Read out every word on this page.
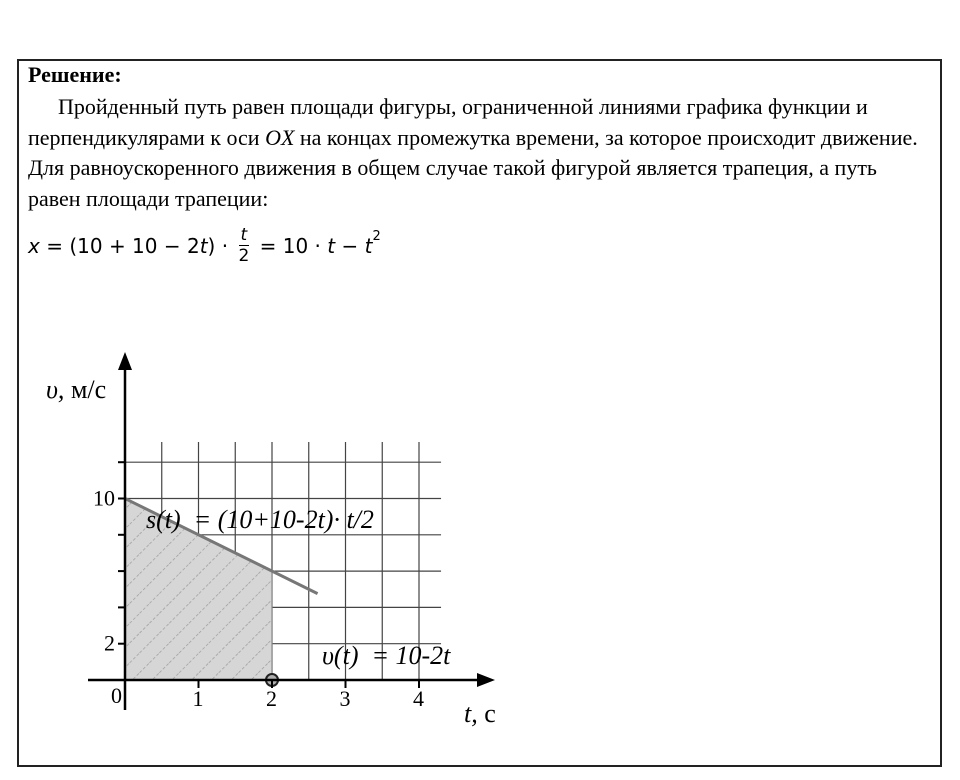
Решение:

Пройденный путь равен площади фигуры, ограниченной линиями графика функции и перпендикулярами к оси OX на концах промежутка времени, за которое происходит движение. Для равноускоренного движения в общем случае такой фигурой является трапеция, а путь равен площади трапеции:

x = (10 + 10 − 2 t ) · $\frac{t}{2} = 10 \cdot t - t$ 2
1	2	3	4
10
2
υ, м/с
t, с
0
s(t)  = (10+10-2t)· t/2
υ(t)  = 10-2t
